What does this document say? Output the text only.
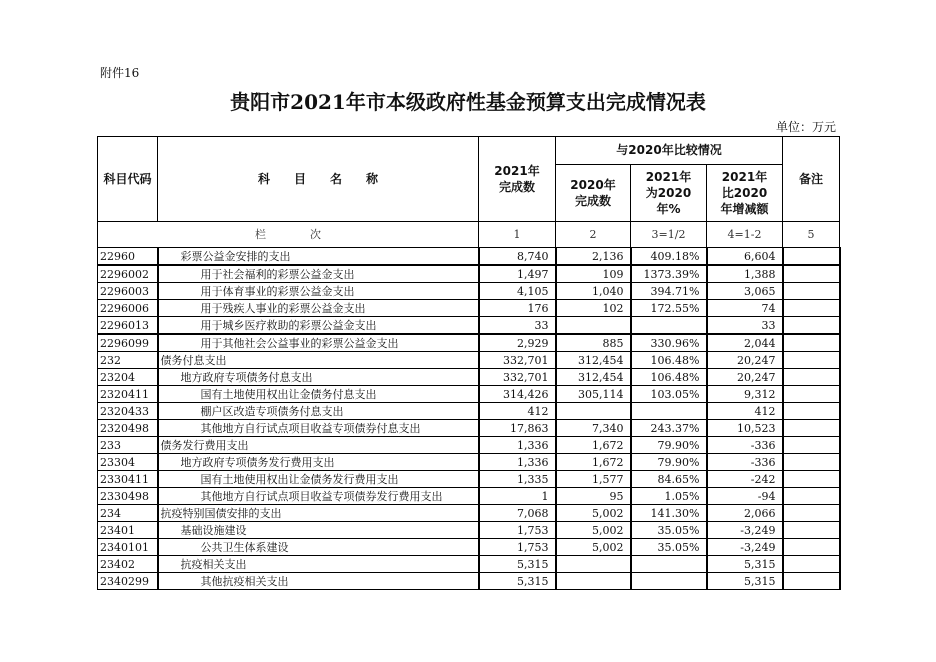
附件16
贵阳市2021年市本级政府性基金预算支出完成情况表
单位：万元
科目代码	科　　目　　名　　称	2021年完成数	与2020年比较情况			备注

			2020年完成数	2021年为2020年%	2021年比2020年增减额	

栏　　　　次		1	2	3=1/2	4=1-2	5
22960	彩票公益金安排的支出	8,740	2,136	409.18%	6,604	
2296002	用于社会福利的彩票公益金支出	1,497	109	1373.39%	1,388	
2296003	用于体育事业的彩票公益金支出	4,105	1,040	394.71%	3,065	
2296006	用于残疾人事业的彩票公益金支出	176	102	172.55%	74	
2296013	用于城乡医疗救助的彩票公益金支出	33			33	
2296099	用于其他社会公益事业的彩票公益金支出	2,929	885	330.96%	2,044	
232	债务付息支出	332,701	312,454	106.48%	20,247	
23204	地方政府专项债务付息支出	332,701	312,454	106.48%	20,247	
2320411	国有土地使用权出让金债务付息支出	314,426	305,114	103.05%	9,312	
2320433	棚户区改造专项债务付息支出	412			412	
2320498	其他地方自行试点项目收益专项债券付息支出	17,863	7,340	243.37%	10,523	
233	债务发行费用支出	1,336	1,672	79.90%	-336	
23304	地方政府专项债务发行费用支出	1,336	1,672	79.90%	-336	
2330411	国有土地使用权出让金债务发行费用支出	1,335	1,577	84.65%	-242	
2330498	其他地方自行试点项目收益专项债券发行费用支出	1	95	1.05%	-94	
234	抗疫特别国债安排的支出	7,068	5,002	141.30%	2,066	
23401	基础设施建设	1,753	5,002	35.05%	-3,249	
2340101	公共卫生体系建设	1,753	5,002	35.05%	-3,249	
23402	抗疫相关支出	5,315			5,315	
2340299	其他抗疫相关支出	5,315			5,315	
